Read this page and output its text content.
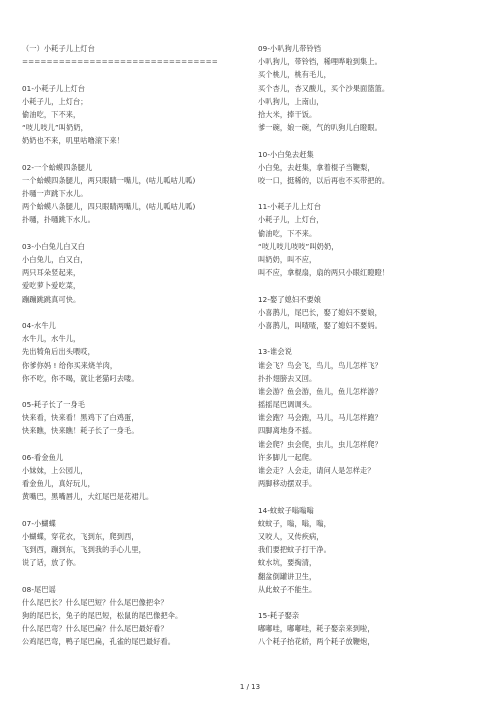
（一）小耗子儿上灯台
================================
01-小耗子儿上灯台
小耗子儿，上灯台；
偷油吃，下不来，
“吱儿吱儿”叫奶奶，
奶奶也不来，叽里咕噜滚下来！
02-一个蛤蟆四条腿儿
一个蛤蟆四条腿儿，两只眼睛一嘴儿，(咕儿呱咕儿呱)
扑嗵一声跳下水儿。
两个蛤蟆八条腿儿，四只眼睛两嘴儿，(咕儿呱咕儿呱)
扑嗵，扑嗵跳下水儿。
03-小白兔儿白又白
小白兔儿，白又白，
两只耳朵竖起来，
爱吃萝卜爱吃菜，
蹦蹦跳跳真可快。
04-水牛儿
水牛儿，水牛儿，
先出犄角后出头喂哎，
你爹你妈 ! 给你买来烧羊肉，
你不吃，你不喝，就让老猫叼去喽。
05-耗子长了一身毛
快来看，快来看！黑鸡下了白鸡蛋，
快来瞧，快来瞧！耗子长了一身毛。
06-看金鱼儿
小妹妹，上公园儿，
看金鱼儿，真好玩儿，
黄嘴巴，黑嘴唇儿，大红尾巴是花裙儿。
07-小蝴蝶
小蝴蝶，穿花衣，飞到东，爬到西，
飞到西，蹦到东，飞到我的手心儿里，
说了话，放了你。
08-尾巴谣
什么尾巴长？什么尾巴短？什么尾巴像把伞？
狗的尾巴长，兔子的尾巴短，松鼠的尾巴像把伞。
什么尾巴弯？什么尾巴扁？什么尾巴最好看？
公鸡尾巴弯，鸭子尾巴扁，孔雀的尾巴最好看。
09-小叭狗儿带铃铛
小叭狗儿，带铃铛，稀哩哗啦到集上。
买个桃儿，桃有毛儿，
买个杏儿，杏又酸儿，买个沙果面篮篮。
小叭狗儿，上南山，
拾大米，捧干饭。
爹一碗，娘一碗，气的叭狗儿白瞪眼。
10-小白兔去赶集
小白兔，去赶集，拿着棍子当鞭梨，
咬一口，挺稀的，以后再也不买带把的。
11-小耗子儿上灯台
小耗子儿，上灯台，
偷油吃，下不来。
“吱儿吱儿吱吱”叫奶奶，
叫奶奶，叫不应，
叫不应，拿棍扇，扇的两只小眼红瞪瞪！
12-娶了媳妇不要娘
小喜鹊儿，尾巴长，娶了媳妇不要娘，
小喜鹊儿，叫喳喳，娶了媳妇不要妈。
13-谁会说
谁会飞？鸟会飞，鸟儿，鸟儿怎样飞？
扑扑翅膀去又回。
谁会游？鱼会游，鱼儿，鱼儿怎样游？
摇摇尾巴调调头。
谁会跑？马会跑，马儿，马儿怎样跑？
四脚离地身不摇。
谁会爬？虫会爬，虫儿，虫儿怎样爬？
许多脚儿一起爬。
谁会走？人会走，请问人是怎样走？
两脚移动摆双手。
14-蚊蚊子嗡嗡嗡
蚊蚊子，嗡，嗡，嗡，
又咬人，又传疾病，
我们要把蚊子打干净。
蚊水坑，要掏清，
翻盆倒罐讲卫生，
从此蚊子不能生。
15-耗子娶亲
嘟嘟哇，嘟嘟哇，耗子娶亲来到啦，
八个耗子抬花轿，两个耗子放鞭炮，
1 / 13
